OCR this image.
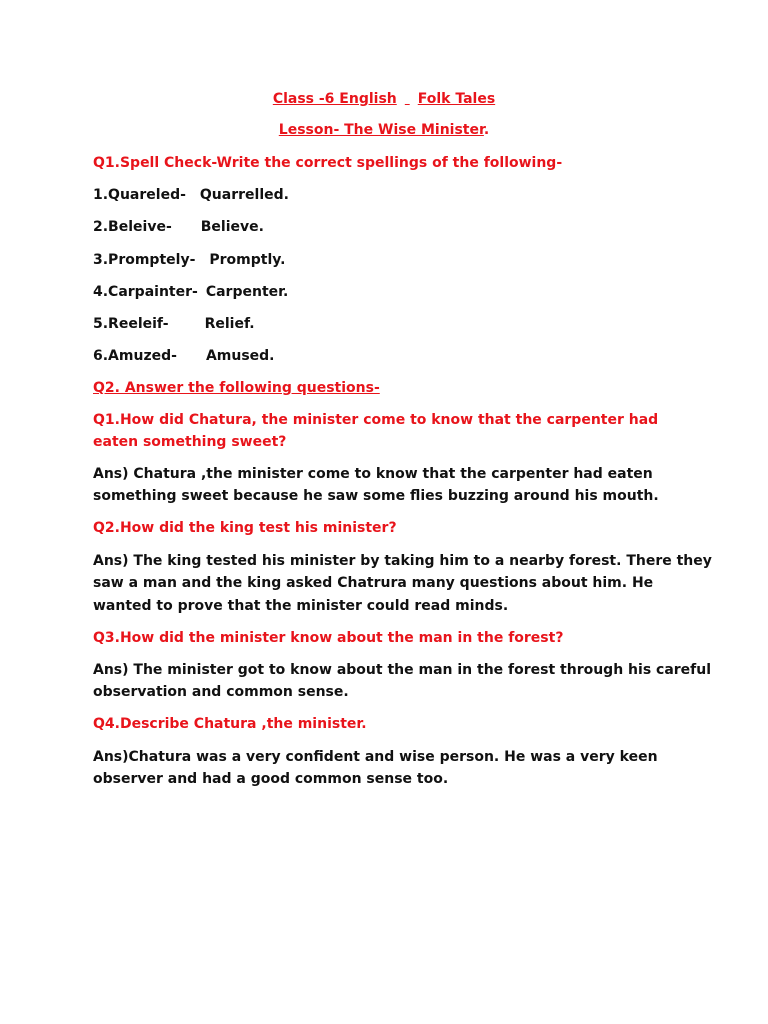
Class -6 English Folk Tales
Lesson- The Wise Minister.
Q1.Spell Check-Write the correct spellings of the following-
1.Quareled- Quarrelled.
2.Beleive- Believe.
3.Promptely- Promptly.
4.Carpainter- Carpenter.
5.Reeleif-	Relief.
6.Amuzed- Amused.
Q2. Answer the following questions-
Q1.How did Chatura, the minister come to know that the carpenter had
eaten something sweet?
Ans) Chatura ,the minister come to know that the carpenter had eaten
something sweet because he saw some flies buzzing around his mouth.
Q2.How did the king test his minister?
Ans) The king tested his minister by taking him to a nearby forest. There they
saw a man and the king asked Chatrura many questions about him. He
wanted to prove that the minister could read minds.
Q3.How did the minister know about the man in the forest?
Ans) The minister got to know about the man in the forest through his careful
observation and common sense.
Q4.Describe Chatura ,the minister.
Ans)Chatura was a very confident and wise person. He was a very keen
observer and had a good common sense too.
